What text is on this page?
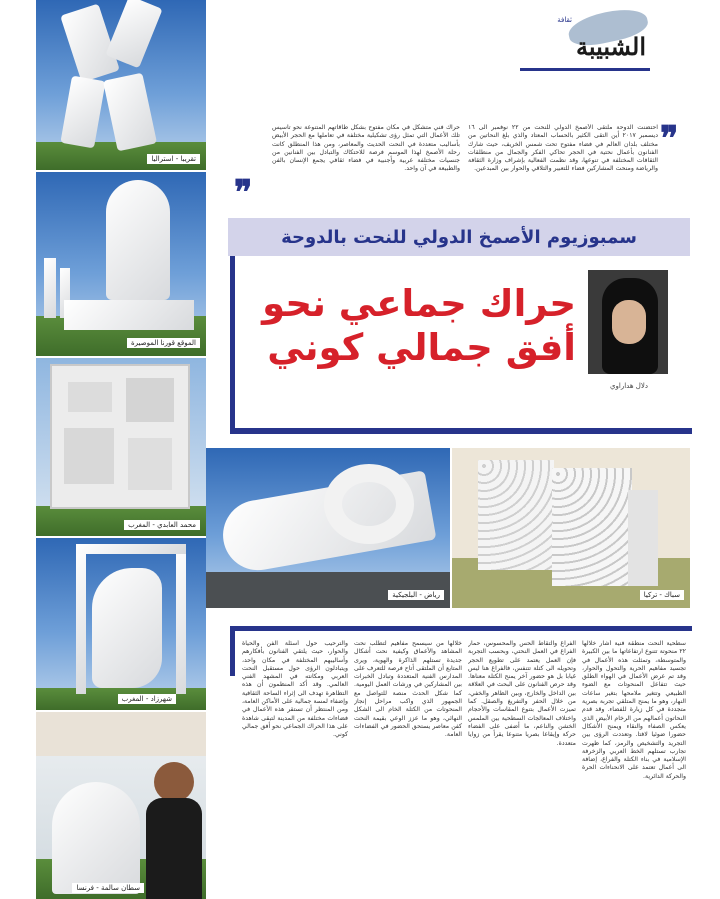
تقريبا - استراليا
الموقع قورنا الموصيرة
محمد العابدي - المغرب
شهرزاد - المغرب
سطان سالمة - فرنسا
الشبيبة
ثقافة
❞
احتضنت الدوحة ملتقى الأصمخ الدولي للنحت من ٢٢ نوفمبر الى ١٦ ديسمبر ٢٠١٧ أين التقى الكثير بالحساب المعتاد والذي بلغ النحاتين من مختلف بلدان العالم في فضاء مفتوح تحت شمس الخريف، حيث شارك الفنانون بأعمال نحتية في الحجر تحاكي الفكر والجمال من منطلقات الثقافات المختلفة في تنوعها، وقد نظمت الفعالية بإشراف وزارة الثقافة والرياضة ومنحت المشاركين فضاء للتعبير والتلاقي والحوار بين المبدعين.
حراك فني متشكل في مكان مفتوح بشكل طاقاتهم المتنوعة نحو تأسيس تلك الأعمال التي تمثل رؤى تشكيلية مختلفة في تعاملها مع الحجر الأبيض بأساليب متعددة في النحت الحديث والمعاصر، ومن هذا المنطلق كانت رحلة الأصمخ لهذا الموسم فرصة للاحتكاك والتبادل بين الفنانين من جنسيات مختلفة عربية وأجنبية في فضاء ثقافي يجمع الإنسان بالفن والطبيعة في آن واحد.
❞
سمبوزيوم الأصمخ الدولي للنحت بالدوحة
حراك جماعي نحو
أفق جمالي كوني
دلال هداراوي
رياض - البلجيكية	سباك - تركيا
سطحية النحت منطقة فنية أشار خلالها ٢٢ منحوتة تتنوع ارتفاعاتها ما بين الكبيرة والمتوسطة، وتمثلت هذه الأعمال في تجسيد مفاهيم الحرية والتحول والحوار، وقد تم عرض الأعمال في الهواء الطلق حيث تتفاعل المنحوتات مع الضوء الطبيعي وتتغير ملامحها بتغير ساعات النهار، وهو ما يمنح المتلقي تجربة بصرية متجددة في كل زيارة للفضاء. وقد قدم النحاتون أعمالهم من الرخام الأبيض الذي يعكس الصفاء والنقاء ويمنح الأشكال حضورا ضوئيا لافتا. وتعددت الرؤى بين التجريد والتشخيص والرمز، كما ظهرت تجارب تستلهم الخط العربي والزخرفة الإسلامية في بناء الكتلة والفراغ، إضافة الى أعمال تعتمد على الانحناءات الحرة والحركة الدائرية.
الفراغ والتقاط الحس والمحسوس، حمار الفراغ في العمل النحتي، وبحسب التجربة فإن العمل يعتمد على تطويع الحجر وتحويله الى كتلة تتنفس، فالفراغ هنا ليس غيابا بل هو حضور آخر يمنح الكتلة معناها. وقد حرص الفنانون على البحث في العلاقة بين الداخل والخارج، وبين الظاهر والخفي، من خلال الحفر والتفريغ والصقل. كما تميزت الأعمال بتنوع المقاسات والأحجام واختلاف المعالجات السطحية بين الملمس الخشن والناعم، ما أضفى على الفضاء حركة وإيقاعا بصريا متنوعا يقرأ من زوايا متعددة.
خلالها من سيسمح مفاهيم لتطلب نحت المشاهد والأعماق وكيفية نحت أشكال جديدة تستلهم الذاكرة والهوية، ويرى المتابع أن الملتقى أتاح فرصة للتعرف على المدارس الفنية المتعددة وتبادل الخبرات بين المشاركين في ورشات العمل اليومية. كما شكل الحدث منصة للتواصل مع الجمهور الذي واكب مراحل إنجاز المنحوتات من الكتلة الخام الى الشكل النهائي، وهو ما عزز الوعي بقيمة النحت كفن معاصر يستحق الحضور في الفضاءات العامة.
والترحيب حول أسئلة الفن والحياة والحوار، حيث يلتقي الفنانون بأفكارهم وأساليبهم المختلفة في مكان واحد، ويتبادلون الرؤى حول مستقبل النحت العربي ومكانته في المشهد الفني العالمي. وقد أكد المنظمون أن هذه التظاهرة تهدف الى إثراء الساحة الثقافية وإضفاء لمسة جمالية على الأماكن العامة، ومن المنتظر أن تستقر هذه الأعمال في فضاءات مختلفة من المدينة لتبقى شاهدة على هذا الحراك الجماعي نحو أفق جمالي كوني.
